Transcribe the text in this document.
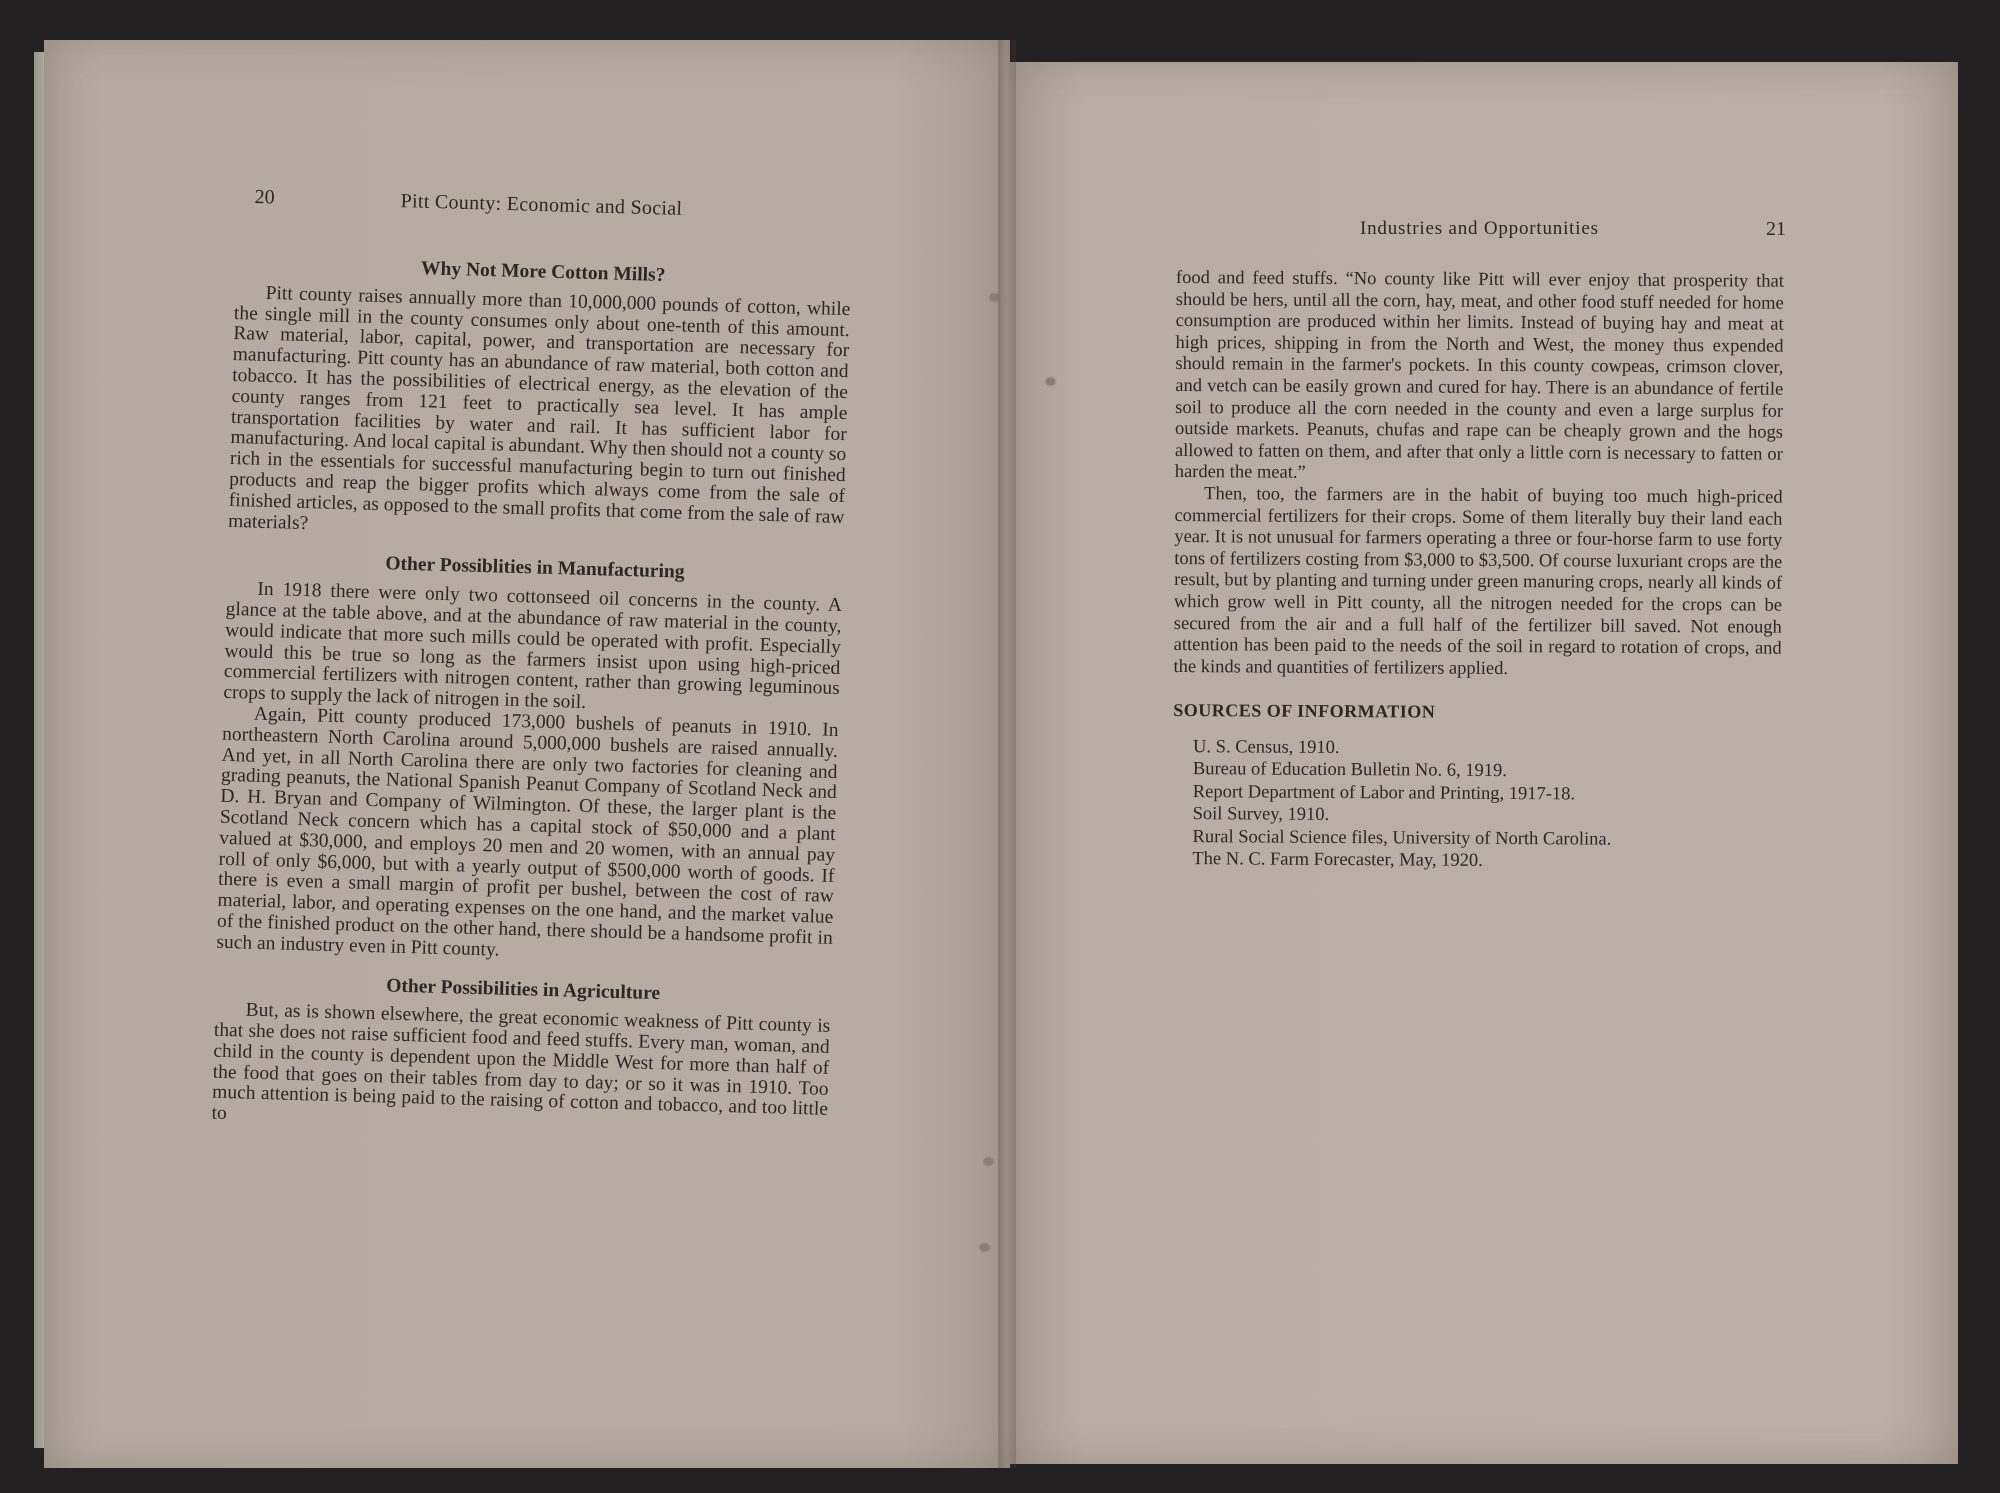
20	Pitt County: Economic and Social
Why Not More Cotton Mills?

Pitt county raises annually more than 10,000,000 pounds of cotton, while the single mill in the county consumes only about one-tenth of this amount. Raw material, labor, capital, power, and transportation are necessary for manufacturing. Pitt county has an abundance of raw material, both cotton and tobacco. It has the possibilities of electrical energy, as the elevation of the county ranges from 121 feet to practically sea level. It has ample transportation facilities by water and rail. It has sufficient labor for manufacturing. And local capital is abundant. Why then should not a county so rich in the essentials for successful manufacturing begin to turn out finished products and reap the bigger profits which always come from the sale of finished articles, as opposed to the small profits that come from the sale of raw materials?

Other Possiblities in Manufacturing

In 1918 there were only two cottonseed oil concerns in the county. A glance at the table above, and at the abundance of raw material in the county, would indicate that more such mills could be operated with profit. Especially would this be true so long as the farmers insist upon using high-priced commercial fertilizers with nitrogen content, rather than growing leguminous crops to supply the lack of nitrogen in the soil.

Again, Pitt county produced 173,000 bushels of peanuts in 1910. In northeastern North Carolina around 5,000,000 bushels are raised annually. And yet, in all North Carolina there are only two factories for cleaning and grading peanuts, the National Spanish Peanut Company of Scotland Neck and D. H. Bryan and Company of Wilmington. Of these, the larger plant is the Scotland Neck concern which has a capital stock of $50,000 and a plant valued at $30,000, and employs 20 men and 20 women, with an annual pay roll of only $6,000, but with a yearly output of $500,000 worth of goods. If there is even a small margin of profit per bushel, between the cost of raw material, labor, and operating expenses on the one hand, and the market value of the finished product on the other hand, there should be a handsome profit in such an industry even in Pitt county.

Other Possibilities in Agriculture

But, as is shown elsewhere, the great economic weakness of Pitt county is that she does not raise sufficient food and feed stuffs. Every man, woman, and child in the county is dependent upon the Middle West for more than half of the food that goes on their tables from day to day; or so it was in 1910. Too much attention is being paid to the raising of cotton and tobacco, and too little to

Industries and Opportunities	21

food and feed stuffs. “No county like Pitt will ever enjoy that prosperity that should be hers, until all the corn, hay, meat, and other food stuff needed for home consumption are produced within her limits. Instead of buying hay and meat at high prices, shipping in from the North and West, the money thus expended should remain in the farmer's pockets. In this county cowpeas, crimson clover, and vetch can be easily grown and cured for hay. There is an abundance of fertile soil to produce all the corn needed in the county and even a large surplus for outside markets. Peanuts, chufas and rape can be cheaply grown and the hogs allowed to fatten on them, and after that only a little corn is necessary to fatten or harden the meat.”

Then, too, the farmers are in the habit of buying too much high-priced commercial fertilizers for their crops. Some of them literally buy their land each year. It is not unusual for farmers operating a three or four-horse farm to use forty tons of fertilizers costing from $3,000 to $3,500. Of course luxuriant crops are the result, but by planting and turning under green manuring crops, nearly all kinds of which grow well in Pitt county, all the nitrogen needed for the crops can be secured from the air and a full half of the fertilizer bill saved. Not enough attention has been paid to the needs of the soil in regard to rotation of crops, and the kinds and quantities of fertilizers applied.

SOURCES OF INFORMATION
U. S. Census, 1910.
Bureau of Education Bulletin No. 6, 1919.
Report Department of Labor and Printing, 1917-18.
Soil Survey, 1910.
Rural Social Science files, University of North Carolina.
The N. C. Farm Forecaster, May, 1920.
